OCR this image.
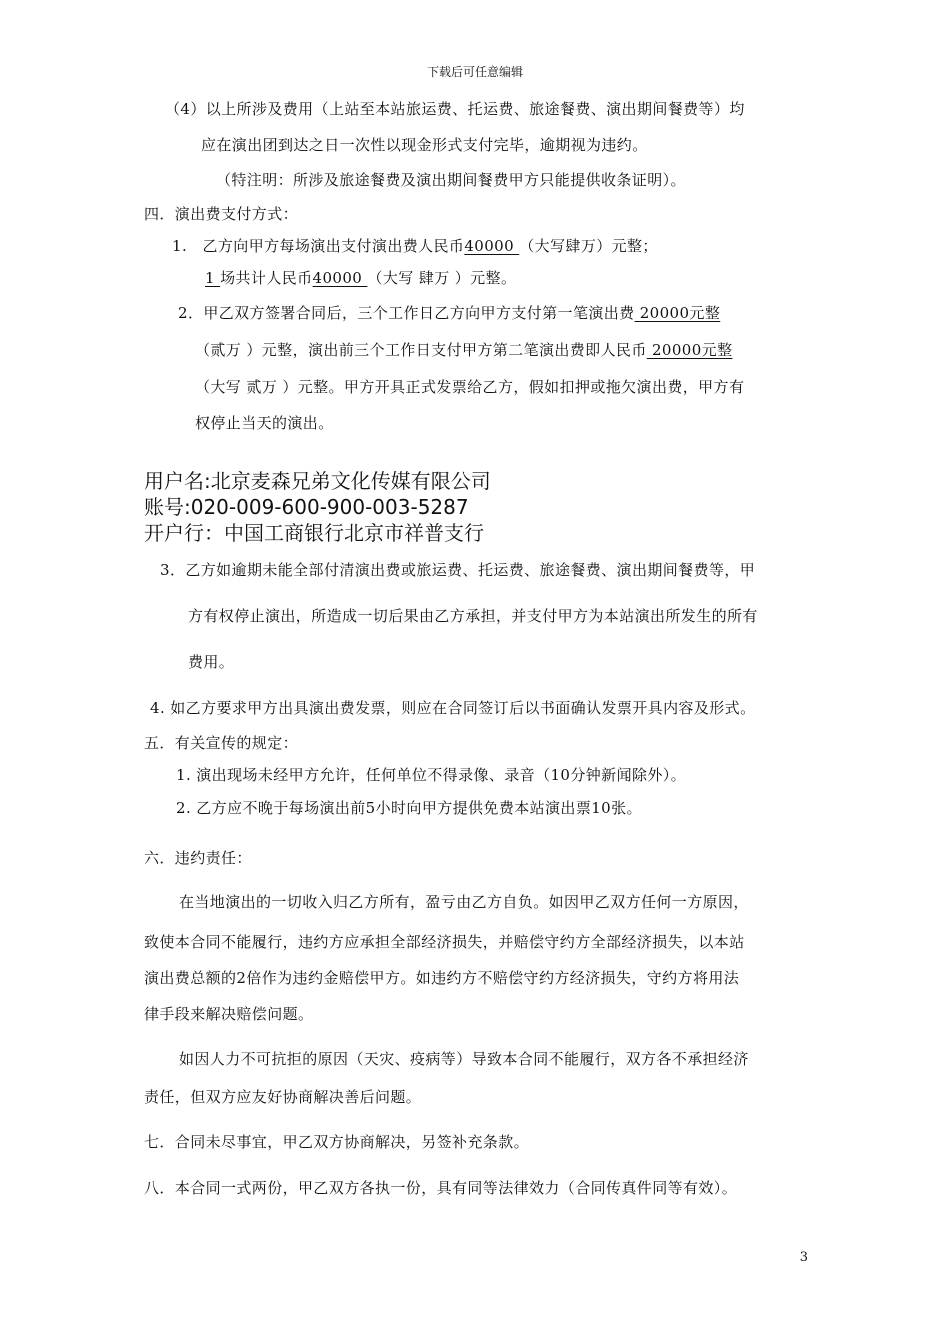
下载后可任意编辑
（4）以上所涉及费用（上站至本站旅运费、托运费、旅途餐费、演出期间餐费等）均
应在演出团到达之日一次性以现金形式支付完毕，逾期视为违约。
（特注明：所涉及旅途餐费及演出期间餐费甲方只能提供收条证明）。
四．演出费支付方式：
1.　乙方向甲方每场演出支付演出费人民币40000 （大写肆万）元整；
1 场共计人民币40000 （大写 肆万 ）元整。
2．甲乙双方签署合同后，三个工作日乙方向甲方支付第一笔演出费 20000元整
（贰万 ）元整，演出前三个工作日支付甲方第二笔演出费即人民币 20000元整
（大写 贰万 ）元整。甲方开具正式发票给乙方，假如扣押或拖欠演出费，甲方有
权停止当天的演出。
用户名:北京麦森兄弟文化传媒有限公司
账号:020-009-600-900-003-5287
开户行：中国工商银行北京市祥普支行
3．乙方如逾期未能全部付清演出费或旅运费、托运费、旅途餐费、演出期间餐费等，甲
方有权停止演出，所造成一切后果由乙方承担，并支付甲方为本站演出所发生的所有
费用。
4. 如乙方要求甲方出具演出费发票，则应在合同签订后以书面确认发票开具内容及形式。
五．有关宣传的规定：
1. 演出现场未经甲方允许，任何单位不得录像、录音（10分钟新闻除外）。
2. 乙方应不晚于每场演出前5小时向甲方提供免费本站演出票10张。
六．违约责任：
在当地演出的一切收入归乙方所有，盈亏由乙方自负。如因甲乙双方任何一方原因，
致使本合同不能履行，违约方应承担全部经济损失，并赔偿守约方全部经济损失，以本站
演出费总额的2倍作为违约金赔偿甲方。如违约方不赔偿守约方经济损失，守约方将用法
律手段来解决赔偿问题。
如因人力不可抗拒的原因（天灾、疫病等）导致本合同不能履行，双方各不承担经济
责任，但双方应友好协商解决善后问题。
七．合同未尽事宜，甲乙双方协商解决，另签补充条款。
八．本合同一式两份，甲乙双方各执一份，具有同等法律效力（合同传真件同等有效）。
3
